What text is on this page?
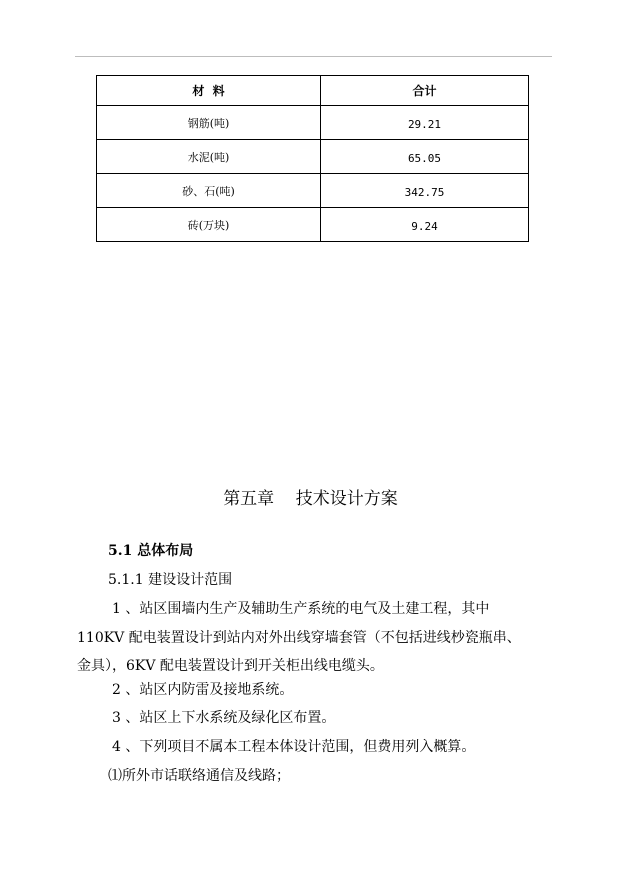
材  料	合计
钢筋(吨)	29.21
水泥(吨)	65.05
砂、石(吨)	342.75
砖(万块)	9.24
第五章    技术设计方案
5.1 总体布局
5.1.1 建设设计范围
1 、站区围墙内生产及辅助生产系统的电气及土建工程，其中
110KV 配电装置设计到站内对外出线穿墙套管（不包括进线杪瓷瓶串、
金具），6KV 配电装置设计到开关柜出线电缆头。
2 、站区内防雷及接地系统。
3 、站区上下水系统及绿化区布置。
4 、下列项目不属本工程本体设计范围，但费用列入概算。
⑴所外市话联络通信及线路；
